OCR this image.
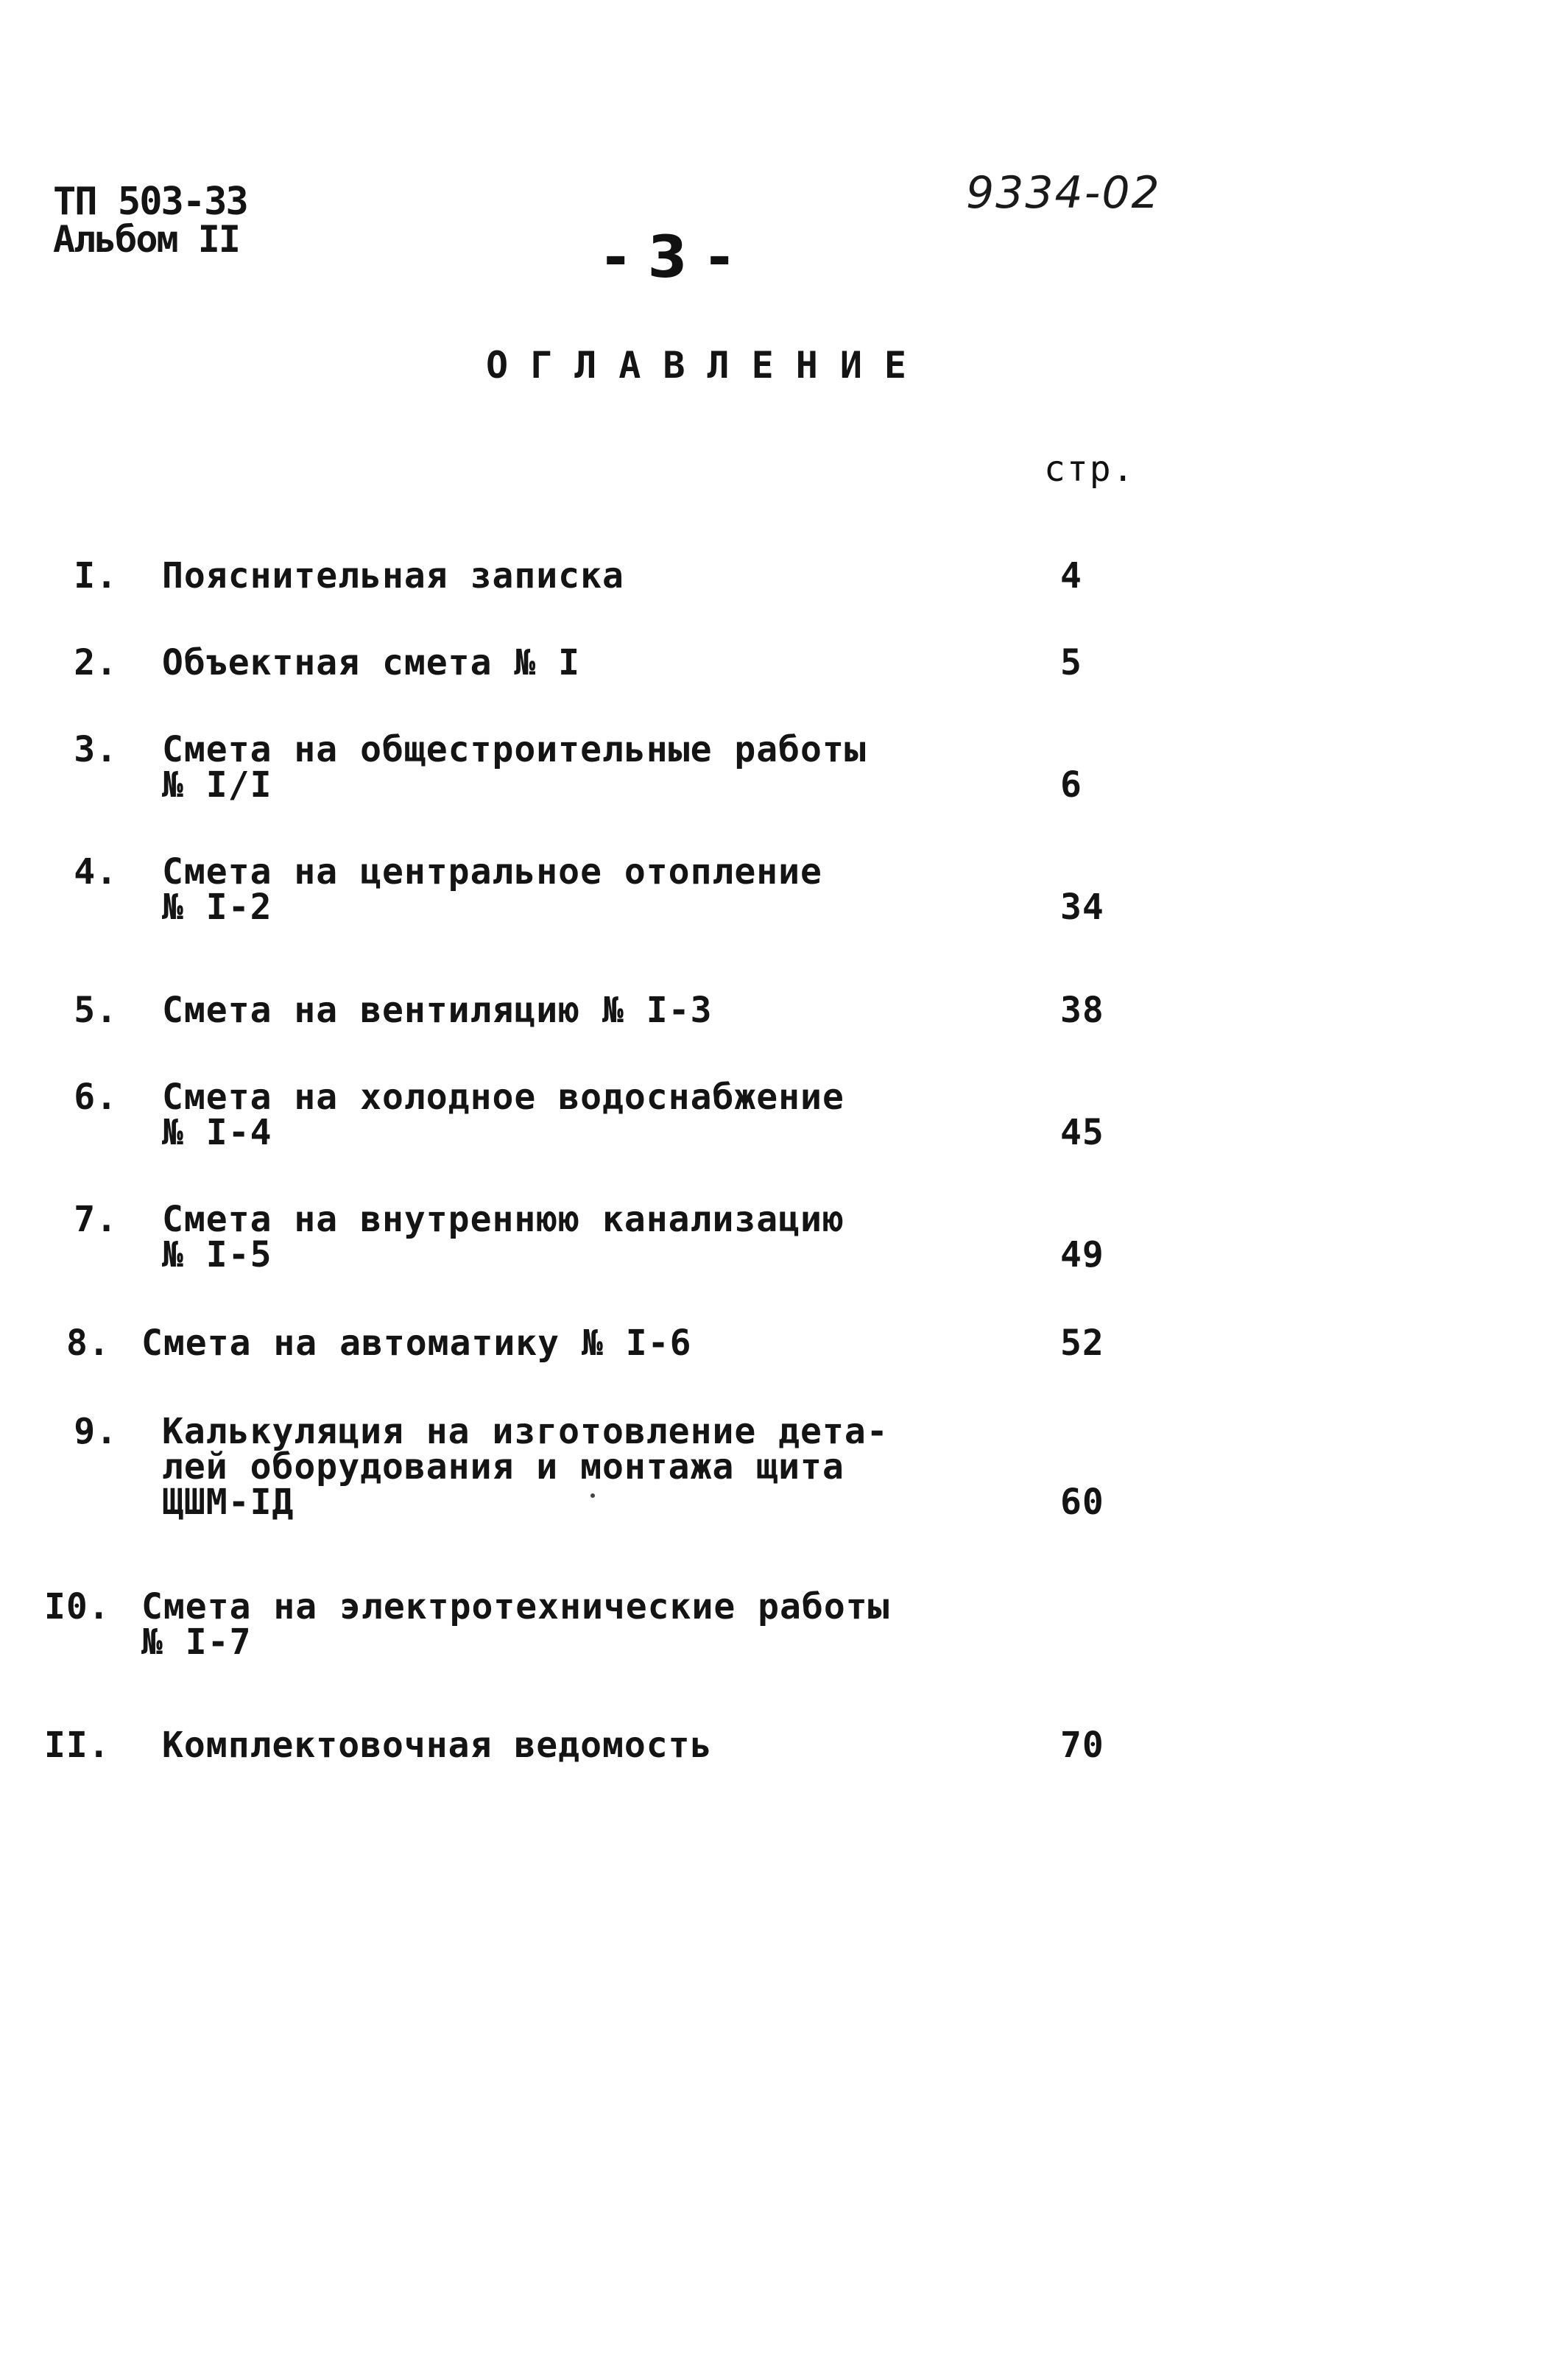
ТП 503-33
Альбом II
9334-02
- 3 -
ОГЛАВЛЕНИЕ
стр.
I. Пояснительная записка	4
2. Объектная смета № I	5
3. Смета на общестроительные работы
№ I/I	6
4. Смета на центральное отопление
№ I-2	34
5. Смета на вентиляцию № I-3	38
6. Смета на холодное водоснабжение
№ I-4	45
7. Смета на внутреннюю канализацию
№ I-5	49
8. Смета на автоматику № I-6	52
9. Калькуляция на изготовление дета-
лей оборудования и монтажа щита
ЩШМ-IД	60
I0. Смета на электротехнические работы
№ I-7
II. Комплектовочная ведомость	70
